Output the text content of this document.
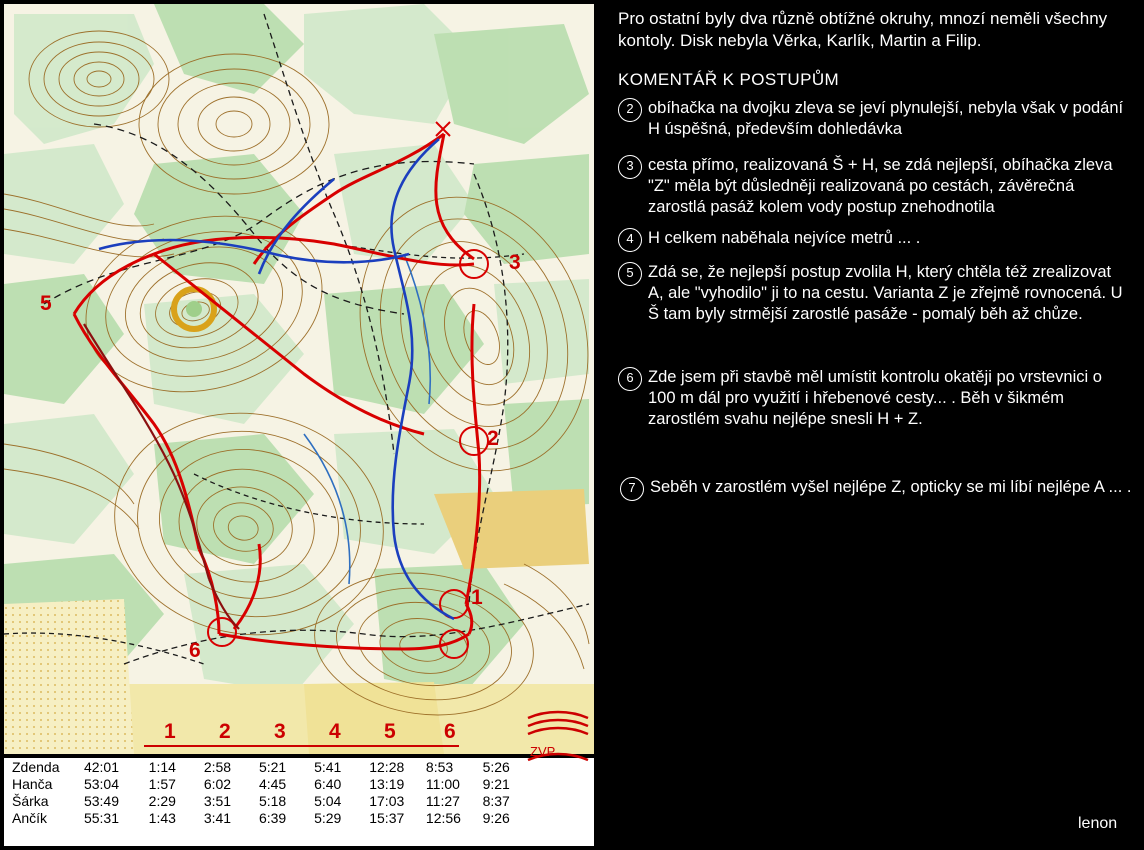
5
3
2
1
6
1 2 3 4 5 6
Zdenda	42:01	1:14	2:58	5:21	5:41	12:28	8:53	5:26	ZVP

Hanča	53:04	1:57	6:02	4:45	6:40	13:19	11:00	9:21	
Šárka	53:49	2:29	3:51	5:18	5:04	17:03	11:27	8:37	
Ančík	55:31	1:43	3:41	6:39	5:29	15:37	12:56	9:26	
Pro ostatní byly dva různě obtížné okruhy, mnozí neměli všechny kontoly. Disk nebyla Věrka, Karlík, Martin a Filip.
KOMENTÁŘ K POSTUPŮM
2 obíhačka na dvojku zleva se jeví plynulejší, nebyla však v podání H úspěšná, především dohledávka
3 cesta přímo, realizovaná Š + H, se zdá nejlepší, obíhačka zleva "Z" měla být důsledněji realizovaná po cestách, závěrečná zarostlá pasáž kolem vody postup znehodnotila
4 H celkem naběhala nejvíce metrů ... .
5 Zdá se, že nejlepší postup zvolila H, který chtěla též zrealizovat A, ale "vyhodilo" ji to na cestu. Varianta Z je zřejmě rovnocená. U Š tam byly strmější zarostlé pasáže - pomalý běh až chůze.
6 Zde jsem při stavbě měl umístit kontrolu okatěji po vrstevnici o 100 m dál pro využití i hřebenové cesty... . Běh v šikmém zarostlém svahu nejlépe snesli H + Z.
7 Seběh v zarostlém vyšel nejlépe Z, opticky se mi líbí nejlépe A ... .
lenon
